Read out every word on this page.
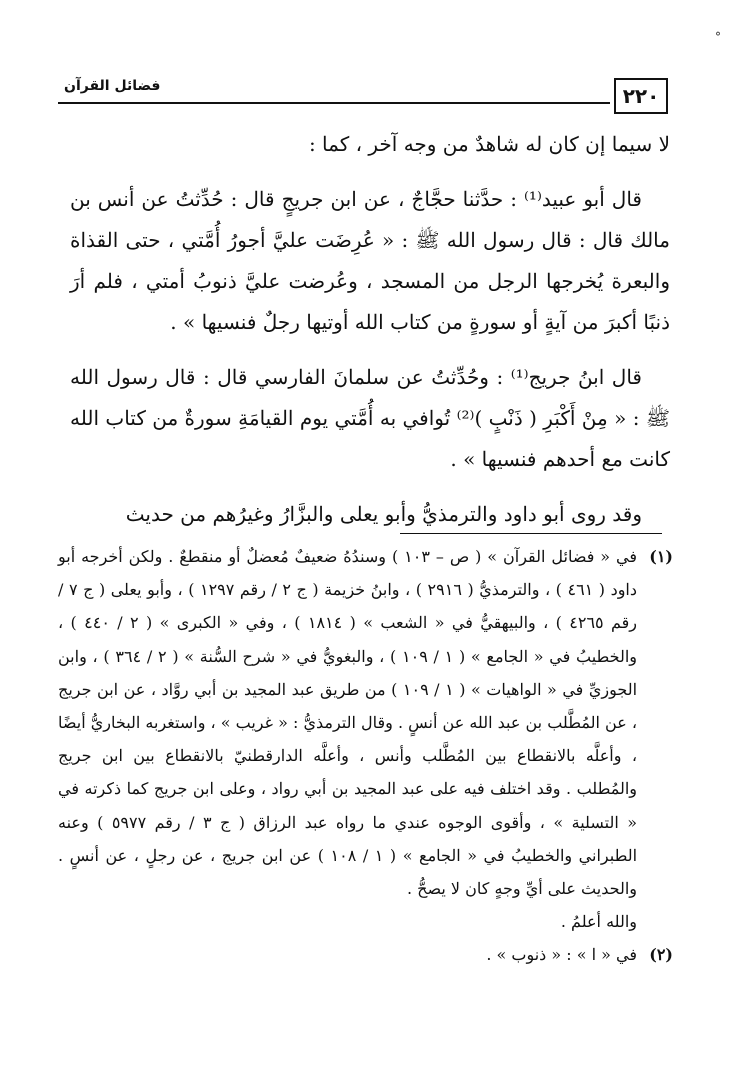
°
٢٢٠
فضائل القرآن

لا سيما إن كان له شاهدٌ من وجه آخر ، كما :

قال أبو عبيد⁽¹⁾ : حدَّثنا حجَّاجٌ ، عن ابن جريجٍ قال : حُدِّثتُ عن أنس بن مالك قال : قال رسول الله ﷺ : « عُرِضَت عليَّ أجورُ أُمَّتي ، حتى القذاة والبعرة يُخرجها الرجل من المسجد ، وعُرضت عليَّ ذنوبُ أمتي ، فلم أرَ ذنبًا أكبرَ من آيةٍ أو سورةٍ من كتاب الله أوتيها رجلٌ فنسيها » .

قال ابنُ جريج⁽¹⁾ : وحُدِّثتُ عن سلمانَ الفارسي قال : قال رسول الله ﷺ : « مِنْ أَكْبَرِ ( ذَنْبٍ )⁽²⁾ تُوافي به أُمَّتي يوم القيامَةِ سورةٌ من كتاب الله كانت مع أحدهم فنسيها » .

وقد روى أبو داود والترمذيُّ وأبو يعلى والبزَّارُ وغيرُهم من حديث

(١)

في « فضائل القرآن » ( ص – ١٠٣ ) وسندُهُ ضعيفٌ مُعضلٌ أو منقطعٌ . ولكن أخرجه أبو داود ( ٤٦١ ) ، والترمذيُّ ( ٢٩١٦ ) ، وابنُ خزيمة ( ج ٢ / رقم ١٢٩٧ ) ، وأبو يعلى ( ج ٧ / رقم ٤٢٦٥ ) ، والبيهقيُّ في « الشعب » ( ١٨١٤ ) ، وفي « الكبرى » ( ٢ / ٤٤٠ ) ، والخطيبُ في « الجامع » ( ١ / ١٠٩ ) ، والبغويُّ في « شرح السُّنة » ( ٢ / ٣٦٤ ) ، وابن الجوزيِّ في « الواهيات » ( ١ / ١٠٩ ) من طريق عبد المجيد بن أبي روَّاد ، عن ابن جريج ، عن المُطَّلب بن عبد الله عن أنسٍ . وقال الترمذيُّ : « غريب » ، واستغربه البخاريُّ أيضًا ، وأعلَّه بالانقطاع بين المُطَّلب وأنس ، وأعلَّه الدارقطنيّ بالانقطاع بين ابن جريج والمُطلب . وقد اختلف فيه على عبد المجيد بن أبي رواد ، وعلى ابن جريج كما ذكرته في « التسلية » ، وأقوى الوجوه عندي ما رواه عبد الرزاق ( ج ٣ / رقم ٥٩٧٧ ) وعنه الطبراني والخطيبُ في « الجامع » ( ١ / ١٠٨ ) عن ابن جريج ، عن رجلٍ ، عن أنسٍ . والحديث على أيِّ وجهٍ كان لا يصحُّ .

والله أعلمُ .

(٢)

في « ا » : « ذنوب » .
